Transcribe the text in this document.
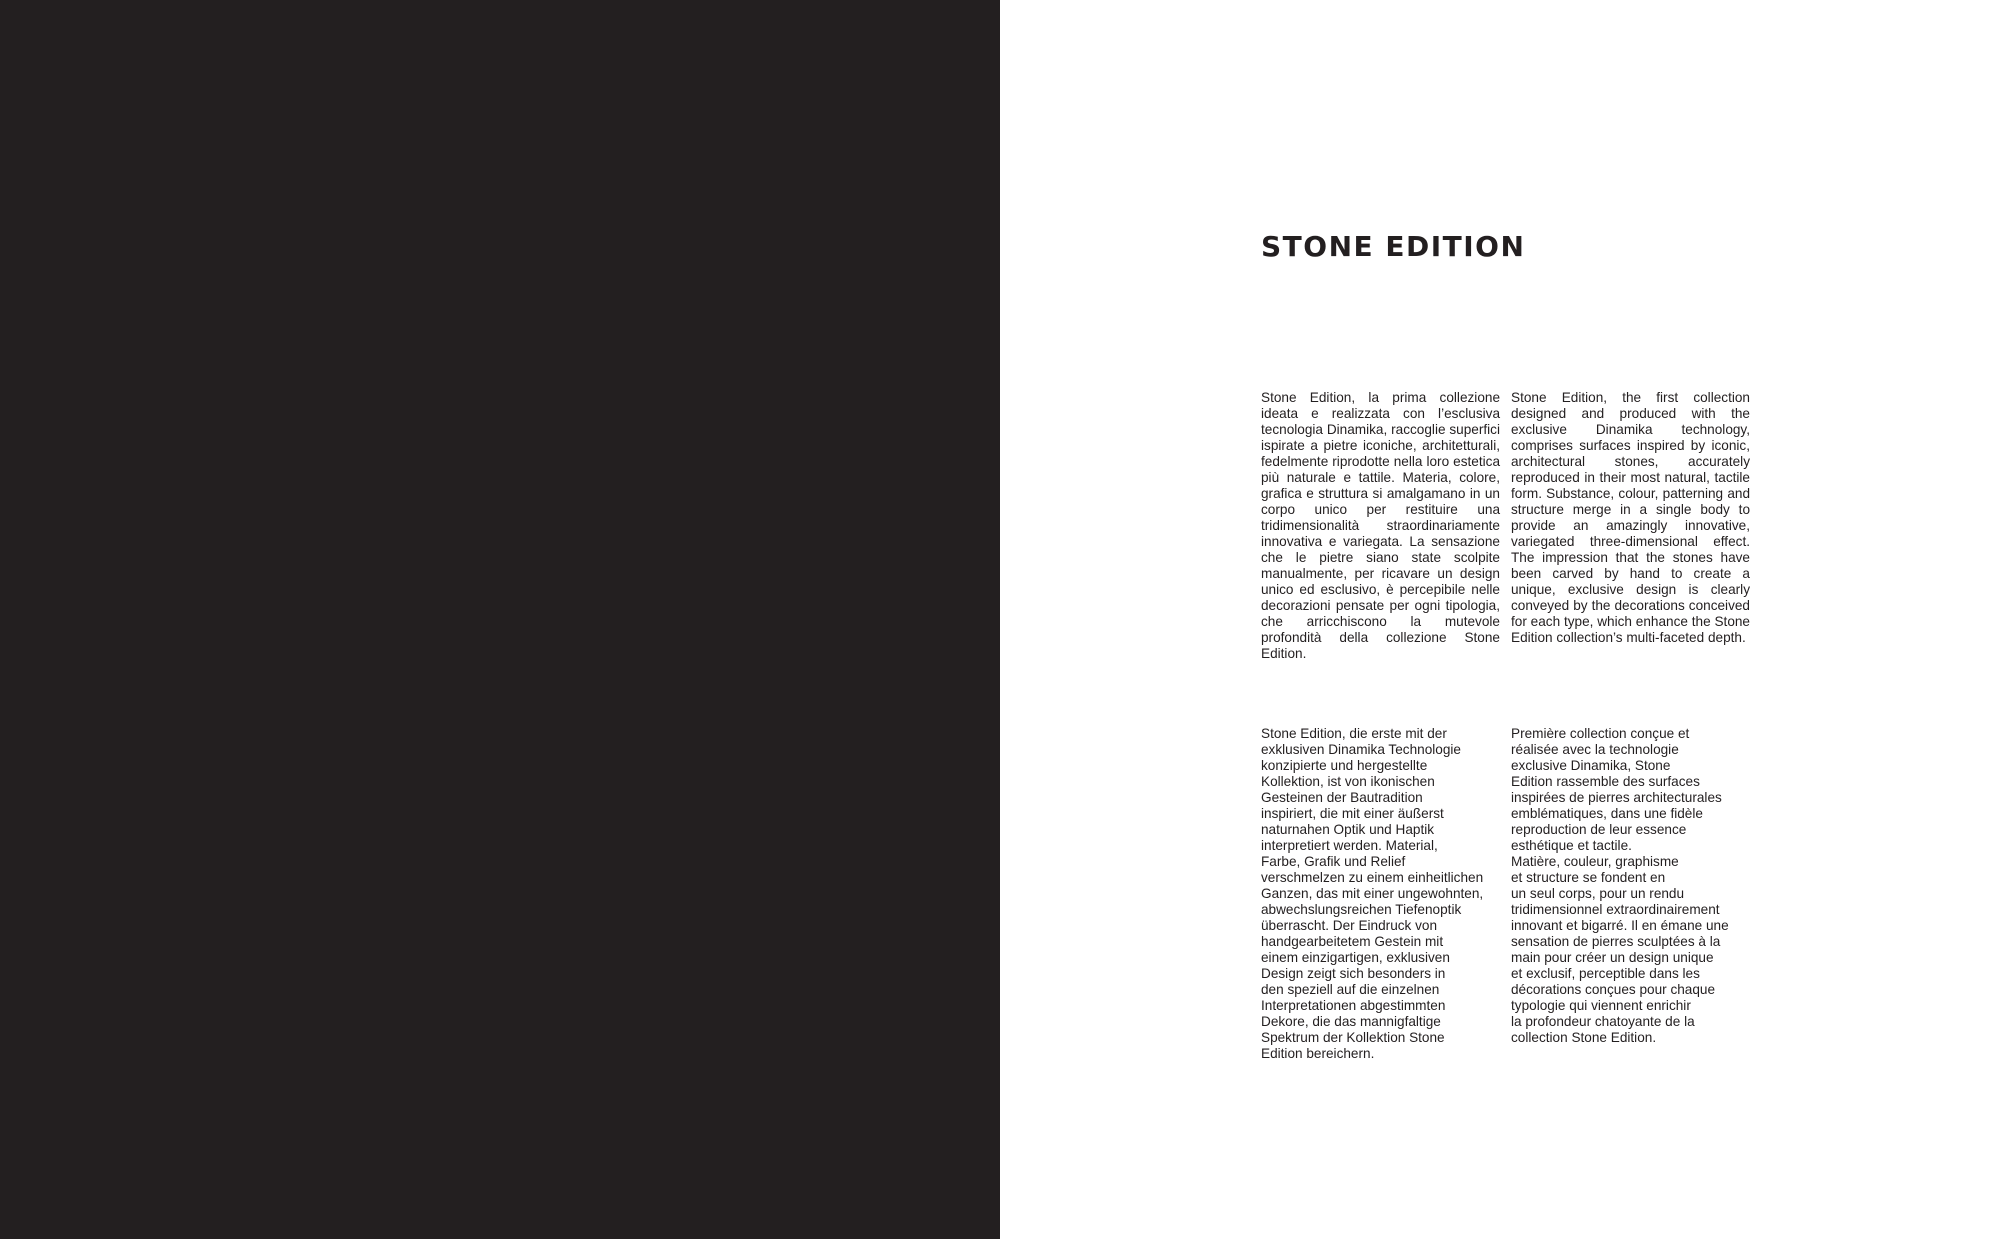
STONE EDITION

Stone Edition, la prima collezione ideata e realizzata con l’esclusiva tecnologia Dinamika, raccoglie superfici ispirate a pietre iconiche, architetturali, fedelmente riprodotte nella loro estetica più naturale e tattile. Materia, colore, grafica e struttura si amalgamano in un corpo unico per restituire una tridimensionalità straordinariamente innovativa e variegata. La sensazione che le pietre siano state scolpite manualmente, per ricavare un design unico ed esclusivo, è percepibile nelle decorazioni pensate per ogni tipologia, che arricchiscono la mutevole profondità della collezione Stone Edition.

Stone Edition, the first collection designed and produced with the exclusive Dinamika technology, comprises surfaces inspired by iconic, architectural stones, accurately reproduced in their most natural, tactile form. Substance, colour, patterning and structure merge in a single body to provide an amazingly innovative, variegated three-dimensional effect. The impression that the stones have been carved by hand to create a unique, exclusive design is clearly conveyed by the decorations conceived for each type, which enhance the Stone Edition collection’s multi-faceted depth.

Stone Edition, die erste mit der
exklusiven Dinamika Technologie
konzipierte und hergestellte
Kollektion, ist von ikonischen
Gesteinen der Bautradition
inspiriert, die mit einer äußerst
naturnahen Optik und Haptik
interpretiert werden. Material,
Farbe, Grafik und Relief
verschmelzen zu einem einheitlichen
Ganzen, das mit einer ungewohnten,
abwechslungsreichen Tiefenoptik
überrascht. Der Eindruck von
handgearbeitetem Gestein mit
einem einzigartigen, exklusiven
Design zeigt sich besonders in
den speziell auf die einzelnen
Interpretationen abgestimmten
Dekore, die das mannigfaltige
Spektrum der Kollektion Stone
Edition bereichern.

Première collection conçue et
réalisée avec la technologie
exclusive Dinamika, Stone
Edition rassemble des surfaces
inspirées de pierres architecturales
emblématiques, dans une fidèle
reproduction de leur essence
esthétique et tactile.
Matière, couleur, graphisme
et structure se fondent en
un seul corps, pour un rendu
tridimensionnel extraordinairement
innovant et bigarré. Il en émane une
sensation de pierres sculptées à la
main pour créer un design unique
et exclusif, perceptible dans les
décorations conçues pour chaque
typologie qui viennent enrichir
la profondeur chatoyante de la
collection Stone Edition.
